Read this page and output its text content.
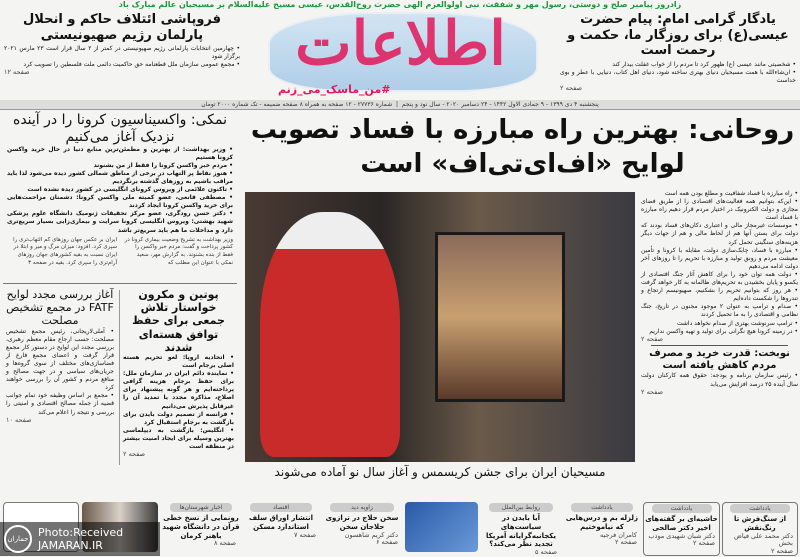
زادروز پیامبر صلح و دوستی، رسول مهر و شفقت، نبی اولوالعزم الهی حضرت روح‌القدس، عیسی مسیح علیه‌السلام بر مسیحیان عالم مبارک باد
فروپاشی ائتلاف حاکم و انحلال پارلمان رژیم صهیونیستی

• چهارمین انتخابات پارلمانی رژیم صهیونیستی در کمتر از ۲ سال قرار است ۲۳ مارس ۲۰۲۱ برگزار شود

• مجمع عمومی سازمان ملل قطعنامه حق حاکمیت دائمی ملت فلسطین را تصویب کرد

صفحه ۱۲	اطلاعات
#من_ماسک_می_زنم
یادگار گرامی امام: پیام حضرت عیسی(ع) برای روزگار ما، حکمت و رحمت است

• شخصیتی مانند عیسی (ع) ظهور کرد تا مردم را از خواب غفلت بیدار کند

• ان‌شاءالله با همت مسیحیان دنیای بهتری ساخته شود، دنیای اهل کتاب، دنیایی با عطر و بوی خداست

صفحه ۲
پنجشنبه ۴ دی ۱۳۹۹ - ۹ جمادی الاول ۱۴۴۲ - ۲۴ دسامبر ۲۰۲۰ - سال نود و پنجم  |  شماره ۲۷۷۳۶ - ۱۲ صفحه به همراه ۸ صفحه ضمیمه - تک شماره ۲۰۰۰ تومان
روحانی: بهترین راه مبارزه با فساد تصویب لوایح «اف‌ای‌تی‌اف» است

• راه مبارزه با فساد شفافیت و مطلع بودن همه است

• این‌که بتوانیم همه فعالیت‌های اقتصادی را از طریق فضای مجازی و دولت الکترونیک در اختیار مردم قرار دهیم راه مبارزه با فساد است

• موسسات غیرمجاز مالی و اعتباری دکان‌های فساد بودند که دولت برای بستن آنها هم از لحاظ مالی و هم از جهات دیگر هزینه‌های سنگینی تحمل کرد

• مبارزه با فساد، چابک‌سازی دولت، مقابله با کرونا و تأمین معیشت مردم و رونق تولید و مبارزه با تحریم را تا روزهای آخر دولت ادامه می‌دهیم

• دولت همه توان خود را برای کاهش آثار جنگ اقتصادی از یکسو و پایان بخشیدن به تحریم‌های ظالمانه به کار خواهد گرفت

• هر روز که بتوانیم تحریم را بشکنیم، صهیونیسم ارتجاع و تندروها را شکست داده‌ایم

• صدام و ترامپ به عنوان ۲ موجود مجنون در تاریخ، جنگ نظامی و اقتصادی را به ما تحمیل کردند

• ترامپ سرنوشت بهتری از صدام نخواهد داشت

• در زمینه کرونا هیچ نگرانی برای تولید و تهیه واکسن نداریم

صفحه ۲
نوبخت: قدرت خرید و مصرف مردم کاهش یافته است

• رئیس سازمان برنامه و بودجه: حقوق همه کارکنان دولت سال آینده ۲۵ درصد افزایش می‌یابد

صفحه ۲
مسیحیان ایران برای جشن کریسمس و آغاز سال نو آماده می‌شوند
نمکی: واکسیناسیون کرونا را در آینده نزدیک آغاز می‌کنیم

• وزیر بهداشت: از بهترین و مطمئن‌ترین منابع دنیا در حال خرید واکسن کرونا هستیم

• مردم خبر واکسن کرونا را فقط از من بشنوند

• هنوز نقاط پر التهاب در برخی از مناطق شمالی کشور دیده می‌شود لذا باید مراقب باشیم به روزهای گذشته برنگردیم

• تاکنون علائمی از ویروس کرونای انگلیسی در کشور دیده نشده است

• مصطفی قانعی، عضو کمیته ملی واکسن کرونا: دشمنان مزاحمت‌هایی برای خرید واکسن کرونا ایجاد کردند

• دکتر حسن رودگری، عضو مرکز تحقیقات ژنومیک دانشگاه علوم پزشکی شهید بهشتی: ویروس انگلیسی کرونا سرایت و بیماری‌زایی بسیار سریع‌تری دارد و مداخلات ما هم باید سریع‌تر باشد

وزیر بهداشت به تشریح وضعیت بیماری کرونا در کشور پرداخت و گفت: مردم خبر واکسن را فقط از بنده بشنوند. به گزارش مهر، سعید نمکی با عنوان این مطلب که
ایران بر عکس جهان روزهای کم التهاب‌تری را سپری کرد. افزود: میزان مرگ و میر و ابتلا در ایران نسبت به بقیه کشورهای جهان روزهای آرام‌تری را سپری کرد. بقیه در صفحه ۳
پوتین و مکرون خواستار تلاش جمعی برای حفظ توافق هسته‌ای شدند

• اتحادیه اروپا: لغو تحریم هسته اصلی برجام است

• نماینده دائم ایران در سازمان ملل: برای حفظ برجام هزینه گزافی پرداخته‌ایم و هر گونه پیشنهاد برای اصلاح، مذاکره مجدد یا تمدید آن را غیرقابل پذیرش می‌دانیم

• فرانسه از تصمیم دولت بایدن برای بازگشت به برجام استقبال کرد

• انگلیس: بازگشت به دیپلماسی بهترین وسیله برای ایجاد امنیت بیشتر در منطقه است

صفحه ۲
آغاز بررسی مجدد لوایح FATF در مجمع تشخیص مصلحت

• آملی‌لاریجانی، رئیس مجمع تشخیص مصلحت: حسب ارجاع مقام معظم رهبری، بررسی مجدد این لوایح در دستور کار مجمع قرار گرفت و اعضای مجمع فارغ از فضاسازی‌های مختلف از سوی گروه‌ها و جریان‌های سیاسی و در جهت مصالح و منافع مردم و کشور آن را بررسی خواهند کرد

• مجمع بر اساس وظیفه خود تمام جوانب قضیه از جمله مصالح اقتصادی و امنیتی را بررسی و نتیجه را اعلام می‌کند

صفحه ۱۰
یادداشت
از سنگ‌فرش تا رنگ‌نقش
دکتر محمد علی فیاض بخش
صفحه ۲
یادداشت
حاشیه‌ای بر گفته‌های اخیر دکتر صالحی
دکتر شبان شهیدی مودب
صفحه ۲
یادداشت
زلزله بم و درس‌هایی که نیاموختیم
کامران فرجیه
صفحه ۲
روابط بین‌الملل
آیا بایدن در سیاست‌های یکجانبه‌گرایانه آمریکا تجدید نظر می‌کند؟
صفحه ۵
زاویه دید
سخن حلاج در ترازوی حلاجان سخن
دکتر کریم شاهسون
صفحه ۶
اقتصاد
انتشار اوراق سلف استاندارد مسکن
صفحه ۷
اخبار شهرستان‌ها
رونمایی از نسخ خطی قرآن در دانشگاه شهید باهنر کرمان
صفحه ۸
جماران
Photo:Received
JAMARAN.IR
